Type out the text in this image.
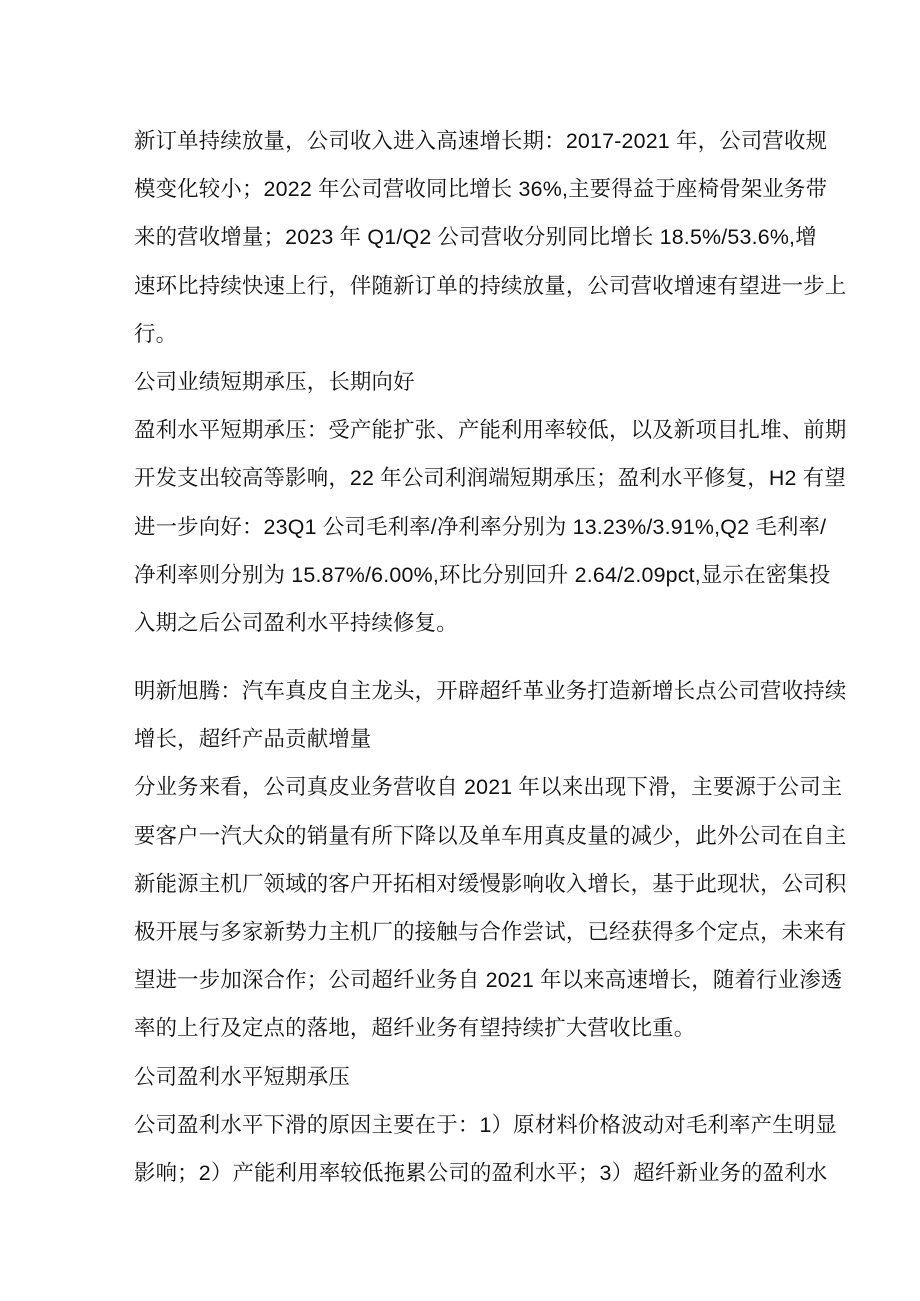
新订单持续放量，公司收入进入高速增长期：2017-2021 年，公司营收规
模变化较小；2022 年公司营收同比增长 36%,主要得益于座椅骨架业务带
来的营收增量；2023 年 Q1/Q2 公司营收分别同比增长 18.5%/53.6%,增
速环比持续快速上行，伴随新订单的持续放量，公司营收增速有望进一步上
行。

公司业绩短期承压，长期向好

盈利水平短期承压：受产能扩张、产能利用率较低，以及新项目扎堆、前期
开发支出较高等影响，22 年公司利润端短期承压；盈利水平修复，H2 有望
进一步向好：23Q1 公司毛利率/净利率分别为 13.23%/3.91%,Q2 毛利率/
净利率则分别为 15.87%/6.00%,环比分别回升 2.64/2.09pct,显示在密集投
入期之后公司盈利水平持续修复。

明新旭腾：汽车真皮自主龙头，开辟超纤革业务打造新增长点公司营收持续
增长，超纤产品贡献增量

分业务来看，公司真皮业务营收自 2021 年以来出现下滑，主要源于公司主
要客户一汽大众的销量有所下降以及单车用真皮量的减少，此外公司在自主
新能源主机厂领域的客户开拓相对缓慢影响收入增长，基于此现状，公司积
极开展与多家新势力主机厂的接触与合作尝试，已经获得多个定点，未来有
望进一步加深合作；公司超纤业务自 2021 年以来高速增长，随着行业渗透
率的上行及定点的落地，超纤业务有望持续扩大营收比重。

公司盈利水平短期承压

公司盈利水平下滑的原因主要在于：1）原材料价格波动对毛利率产生明显
影响；2）产能利用率较低拖累公司的盈利水平；3）超纤新业务的盈利水
